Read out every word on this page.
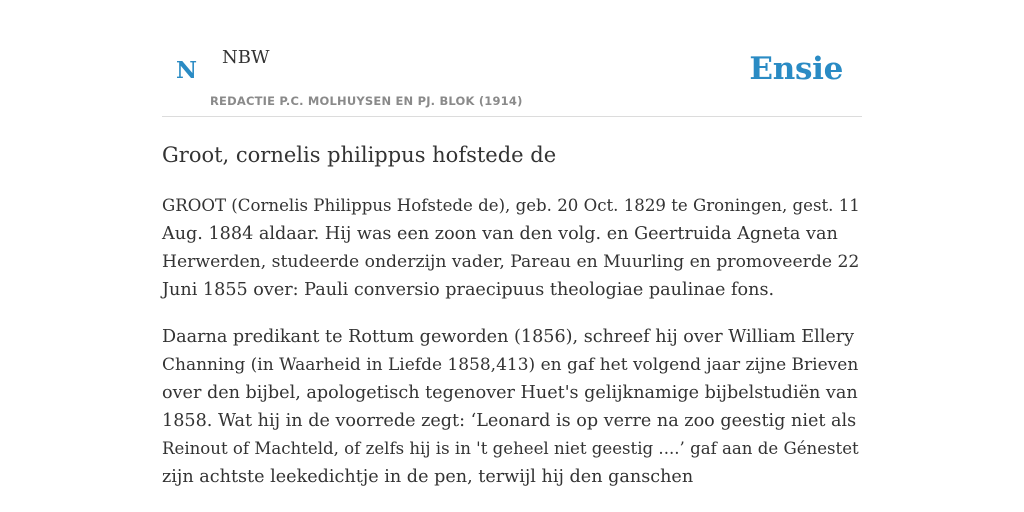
N NBW
REDACTIE P.C. MOLHUYSEN EN PJ. BLOK (1914)
Ensie
Groot, cornelis philippus hofstede de

GROOT (Cornelis Philippus Hofstede de), geb. 20 Oct. 1829 te Groningen, gest. 11
Aug. 1884 aldaar. Hij was een zoon van den volg. en Geertruida Agneta van
Herwerden, studeerde onderzijn vader, Pareau en Muurling en promoveerde 22
Juni 1855 over: Pauli conversio praecipuus theologiae paulinae fons.

Daarna predikant te Rottum geworden (1856), schreef hij over William Ellery
Channing (in Waarheid in Liefde 1858,413) en gaf het volgend jaar zijne Brieven
over den bijbel, apologetisch tegenover Huet's gelijknamige bijbelstudiën van
1858. Wat hij in de voorrede zegt: ‘Leonard is op verre na zoo geestig niet als
Reinout of Machteld, of zelfs hij is in 't geheel niet geestig ....’ gaf aan de Génestet
zijn achtste leekedichtje in de pen, terwijl hij den ganschen
